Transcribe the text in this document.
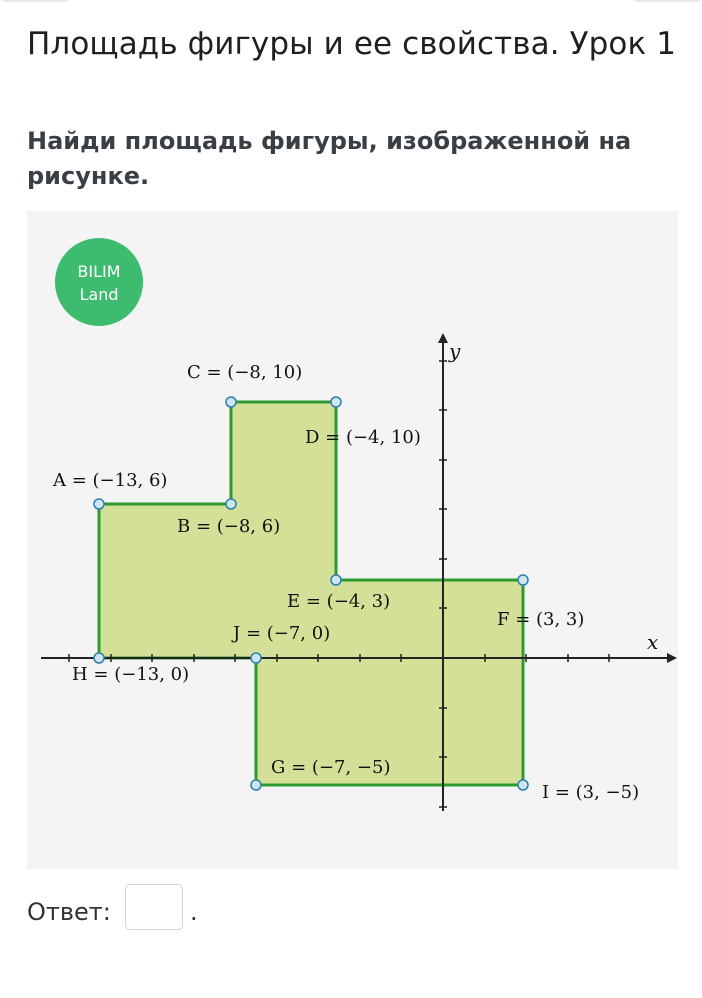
Площадь фигуры и ее свойства. Урок 1
Найди площадь фигуры, изображенной на рисунке.
BILIM
Land
x
y
C = (−8, 10)
D = (−4, 10)
A = (−13, 6)
B = (−8, 6)
E = (−4, 3)
F = (3, 3)
J = (−7, 0)
H = (−13, 0)
G = (−7, −5)
I = (3, −5)
Ответ:	.
